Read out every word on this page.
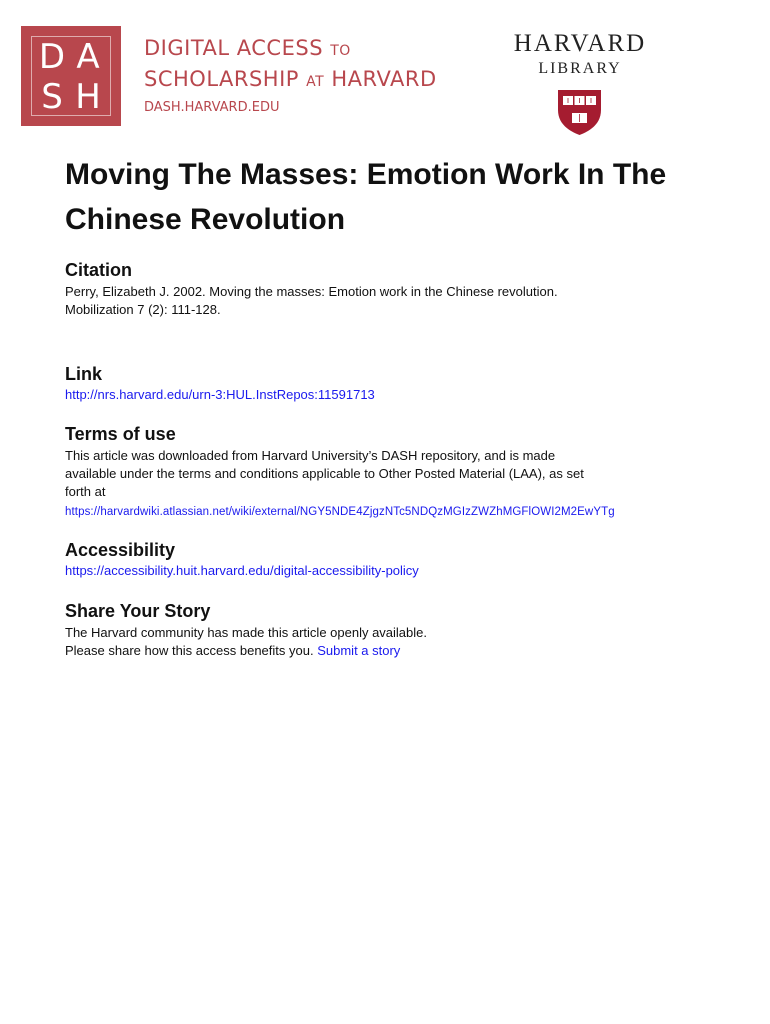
D A
S H
DIGITAL ACCESS TO
SCHOLARSHIP AT HARVARD
DASH.HARVARD.EDU
HARVARD
LIBRARY
Moving The Masses: Emotion Work In The Chinese Revolution
Citation
Perry, Elizabeth J. 2002. Moving the masses: Emotion work in the Chinese revolution.
Mobilization 7 (2): 111-128.
Link
http://nrs.harvard.edu/urn-3:HUL.InstRepos:11591713
Terms of use
This article was downloaded from Harvard University’s DASH repository, and is made
available under the terms and conditions applicable to Other Posted Material (LAA), as set
forth at
https://harvardwiki.atlassian.net/wiki/external/NGY5NDE4ZjgzNTc5NDQzMGIzZWZhMGFlOWI2M2EwYTg
Accessibility
https://accessibility.huit.harvard.edu/digital-accessibility-policy
Share Your Story
The Harvard community has made this article openly available.
Please share how this access benefits you. Submit a story
